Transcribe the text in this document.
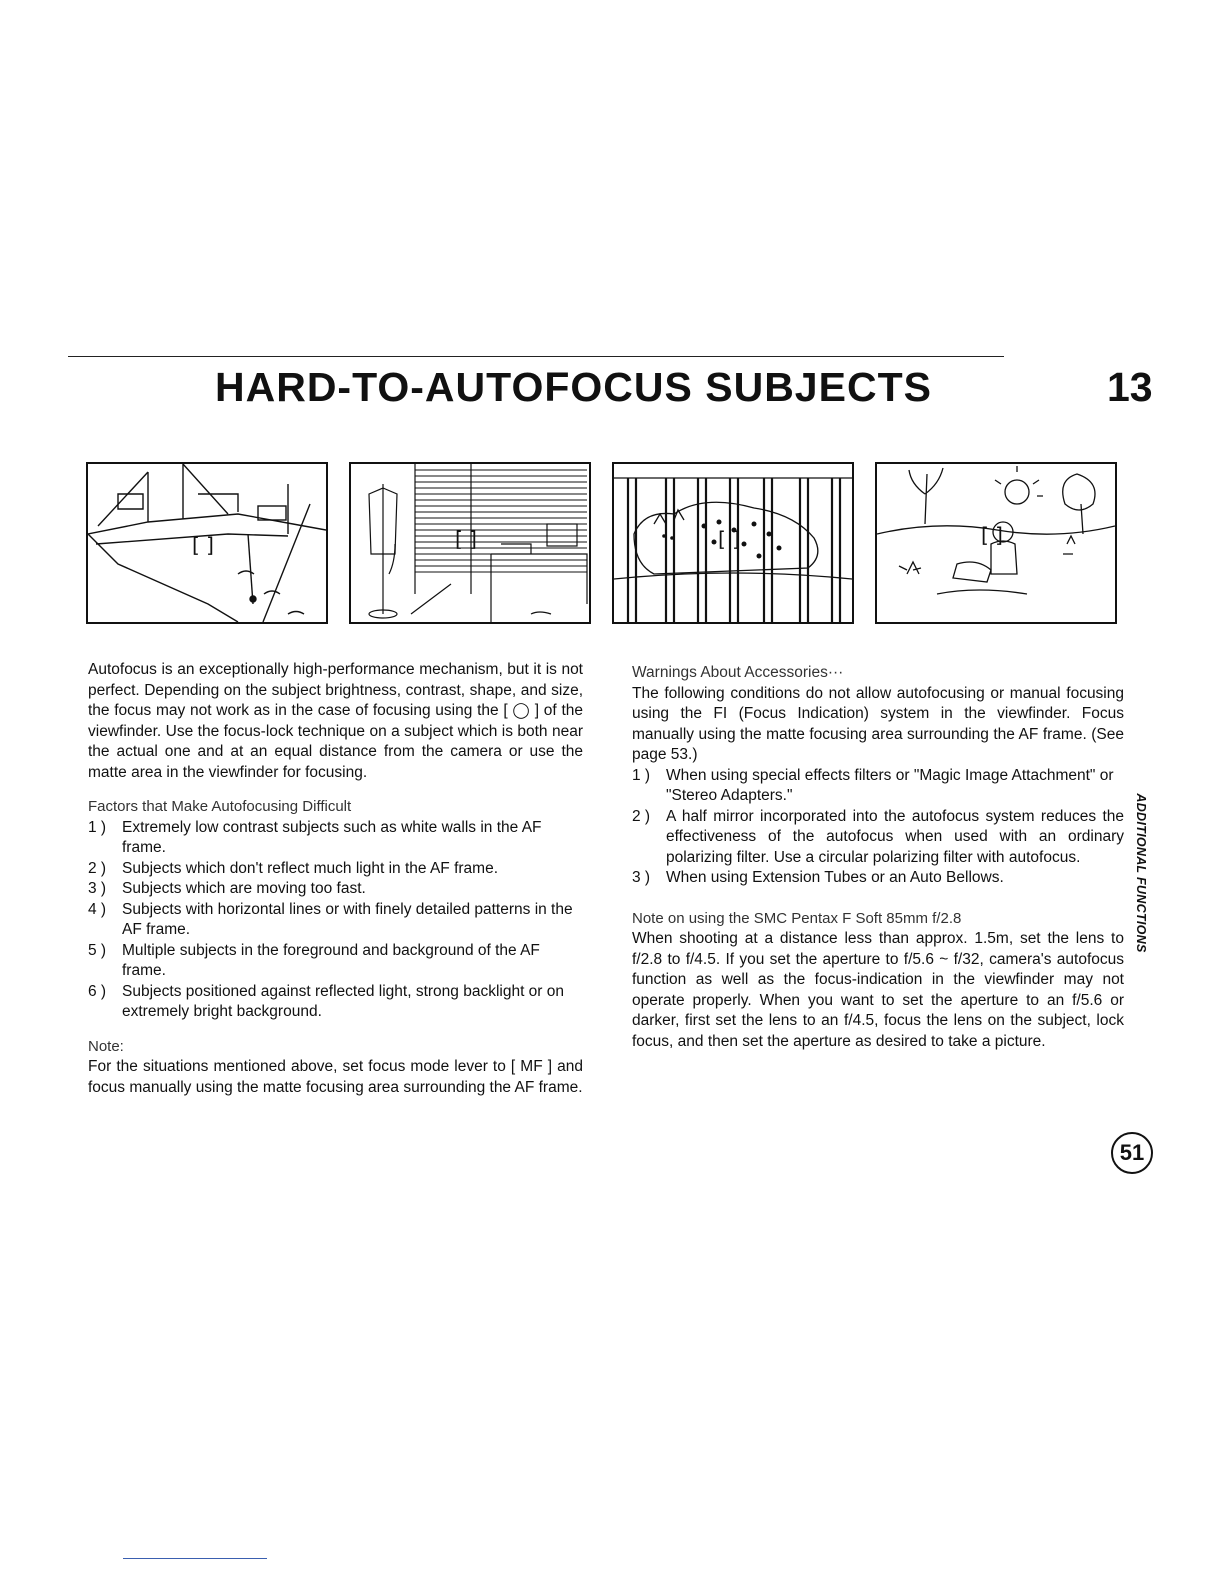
HARD-TO-AUTOFOCUS SUBJECTS	13
[ ]	[ ]	[ ]	[ ]

Autofocus is an exceptionally high-performance mechanism, but it is not perfect. Depending on the subject brightness, contrast, shape, and size, the focus may not work as in the case of focusing using the [ ◯ ] of the viewfinder. Use the focus-lock technique on a subject which is both near the actual one and at an equal distance from the camera or use the matte area in the viewfinder for focusing.

Factors that Make Autofocusing Difficult

1 )	Extremely low contrast subjects such as white walls in the AF frame.
2 )	Subjects which don't reflect much light in the AF frame.
3 )	Subjects which are moving too fast.
4 )	Subjects with horizontal lines or with finely detailed patterns in the AF frame.
5 )	Multiple subjects in the foreground and background of the AF frame.
6 )	Subjects positioned against reflected light, strong backlight or on extremely bright background.

Note:

For the situations mentioned above, set focus mode lever to [ MF ] and focus manually using the matte focusing area surrounding the AF frame.

Warnings About Accessories···

The following conditions do not allow autofocusing or manual focusing using the FI (Focus Indication) system in the viewfinder. Focus manually using the matte focusing area surrounding the AF frame. (See page 53.)

1 )	When using special effects filters or "Magic Image Attachment" or "Stereo Adapters."
2 )	A half mirror incorporated into the autofocus system reduces the effectiveness of the autofocus when used with an ordinary polarizing filter. Use a circular polarizing filter with autofocus.
3 )	When using Extension Tubes or an Auto Bellows.

Note on using the SMC Pentax F Soft 85mm f/2.8

When shooting at a distance less than approx. 1.5m, set the lens to f/2.8 to f/4.5. If you set the aperture to f/5.6 ~ f/32, camera's autofocus function as well as the focus-indication in the viewfinder may not operate properly. When you want to set the aperture to an f/5.6 or darker, first set the lens to an f/4.5, focus the lens on the subject, lock focus, and then set the aperture as desired to take a picture.

ADDITIONAL FUNCTIONS
51
